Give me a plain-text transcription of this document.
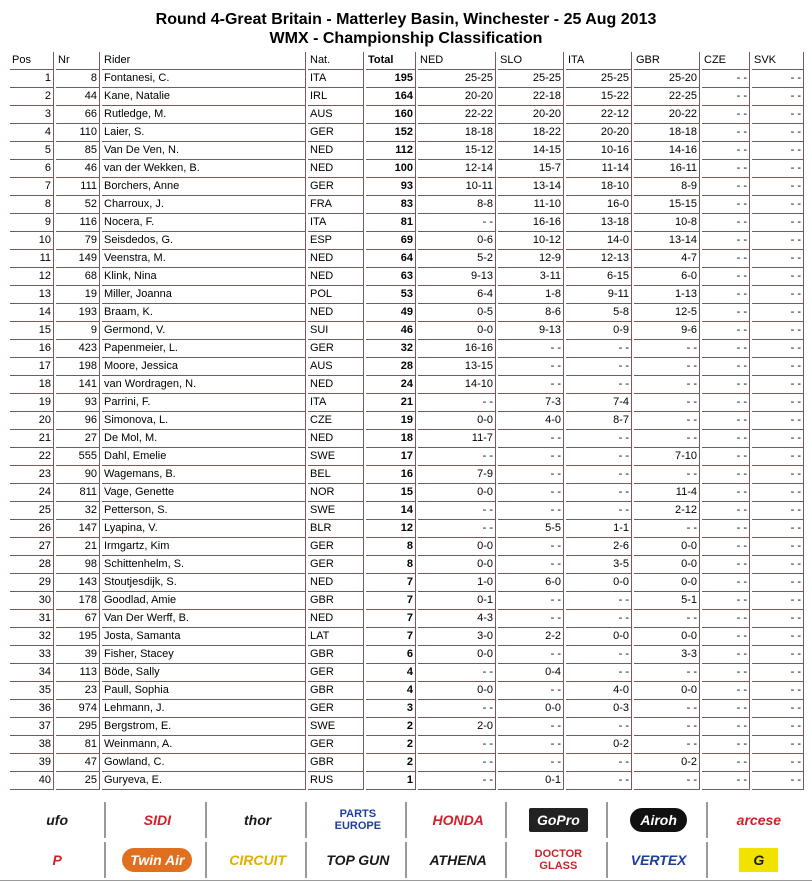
Round 4-Great Britain - Matterley Basin, Winchester - 25 Aug 2013
WMX - Championship Classification
Pos	Nr	Rider	Nat.	Total	NED	SLO	ITA	GBR	CZE	SVK
1	8	Fontanesi, C.	ITA	195	25-25	25-25	25-25	25-20	- -	- -
2	44	Kane, Natalie	IRL	164	20-20	22-18	15-22	22-25	- -	- -
3	66	Rutledge, M.	AUS	160	22-22	20-20	22-12	20-22	- -	- -
4	110	Laier, S.	GER	152	18-18	18-22	20-20	18-18	- -	- -
5	85	Van De Ven, N.	NED	112	15-12	14-15	10-16	14-16	- -	- -
6	46	van der Wekken, B.	NED	100	12-14	15-7	11-14	16-11	- -	- -
7	111	Borchers, Anne	GER	93	10-11	13-14	18-10	8-9	- -	- -
8	52	Charroux, J.	FRA	83	8-8	11-10	16-0	15-15	- -	- -
9	116	Nocera, F.	ITA	81	- -	16-16	13-18	10-8	- -	- -
10	79	Seisdedos, G.	ESP	69	0-6	10-12	14-0	13-14	- -	- -
11	149	Veenstra, M.	NED	64	5-2	12-9	12-13	4-7	- -	- -
12	68	Klink, Nina	NED	63	9-13	3-11	6-15	6-0	- -	- -
13	19	Miller, Joanna	POL	53	6-4	1-8	9-11	1-13	- -	- -
14	193	Braam, K.	NED	49	0-5	8-6	5-8	12-5	- -	- -
15	9	Germond, V.	SUI	46	0-0	9-13	0-9	9-6	- -	- -
16	423	Papenmeier, L.	GER	32	16-16	- -	- -	- -	- -	- -
17	198	Moore, Jessica	AUS	28	13-15	- -	- -	- -	- -	- -
18	141	van Wordragen, N.	NED	24	14-10	- -	- -	- -	- -	- -
19	93	Parrini, F.	ITA	21	- -	7-3	7-4	- -	- -	- -
20	96	Simonova, L.	CZE	19	0-0	4-0	8-7	- -	- -	- -
21	27	De Mol, M.	NED	18	11-7	- -	- -	- -	- -	- -
22	555	Dahl, Emelie	SWE	17	- -	- -	- -	7-10	- -	- -
23	90	Wagemans, B.	BEL	16	7-9	- -	- -	- -	- -	- -
24	811	Vage, Genette	NOR	15	0-0	- -	- -	11-4	- -	- -
25	32	Petterson, S.	SWE	14	- -	- -	- -	2-12	- -	- -
26	147	Lyapina, V.	BLR	12	- -	5-5	1-1	- -	- -	- -
27	21	Irmgartz, Kim	GER	8	0-0	- -	2-6	0-0	- -	- -
28	98	Schittenhelm, S.	GER	8	0-0	- -	3-5	0-0	- -	- -
29	143	Stoutjesdijk, S.	NED	7	1-0	6-0	0-0	0-0	- -	- -
30	178	Goodlad, Amie	GBR	7	0-1	- -	- -	5-1	- -	- -
31	67	Van Der Werff, B.	NED	7	4-3	- -	- -	- -	- -	- -
32	195	Josta, Samanta	LAT	7	3-0	2-2	0-0	0-0	- -	- -
33	39	Fisher, Stacey	GBR	6	0-0	- -	- -	3-3	- -	- -
34	113	Böde, Sally	GER	4	- -	0-4	- -	- -	- -	- -
35	23	Paull, Sophia	GBR	4	0-0	- -	4-0	0-0	- -	- -
36	974	Lehmann, J.	GER	3	- -	0-0	0-3	- -	- -	- -
37	295	Bergstrom, E.	SWE	2	2-0	- -	- -	- -	- -	- -
38	81	Weinmann, A.	GER	2	- -	- -	0-2	- -	- -	- -
39	47	Gowland, C.	GBR	2	- -	- -	- -	0-2	- -	- -
40	25	Guryeva, E.	RUS	1	- -	0-1	- -	- -	- -	- -
ufo	SIDI	thor	PARTS EUROPE	HONDA	GoPro	Airoh	arcese
P	Twin Air	CIRCUIT	TOP GUN	ATHENA	DOCTOR GLASS	VERTEX	G
